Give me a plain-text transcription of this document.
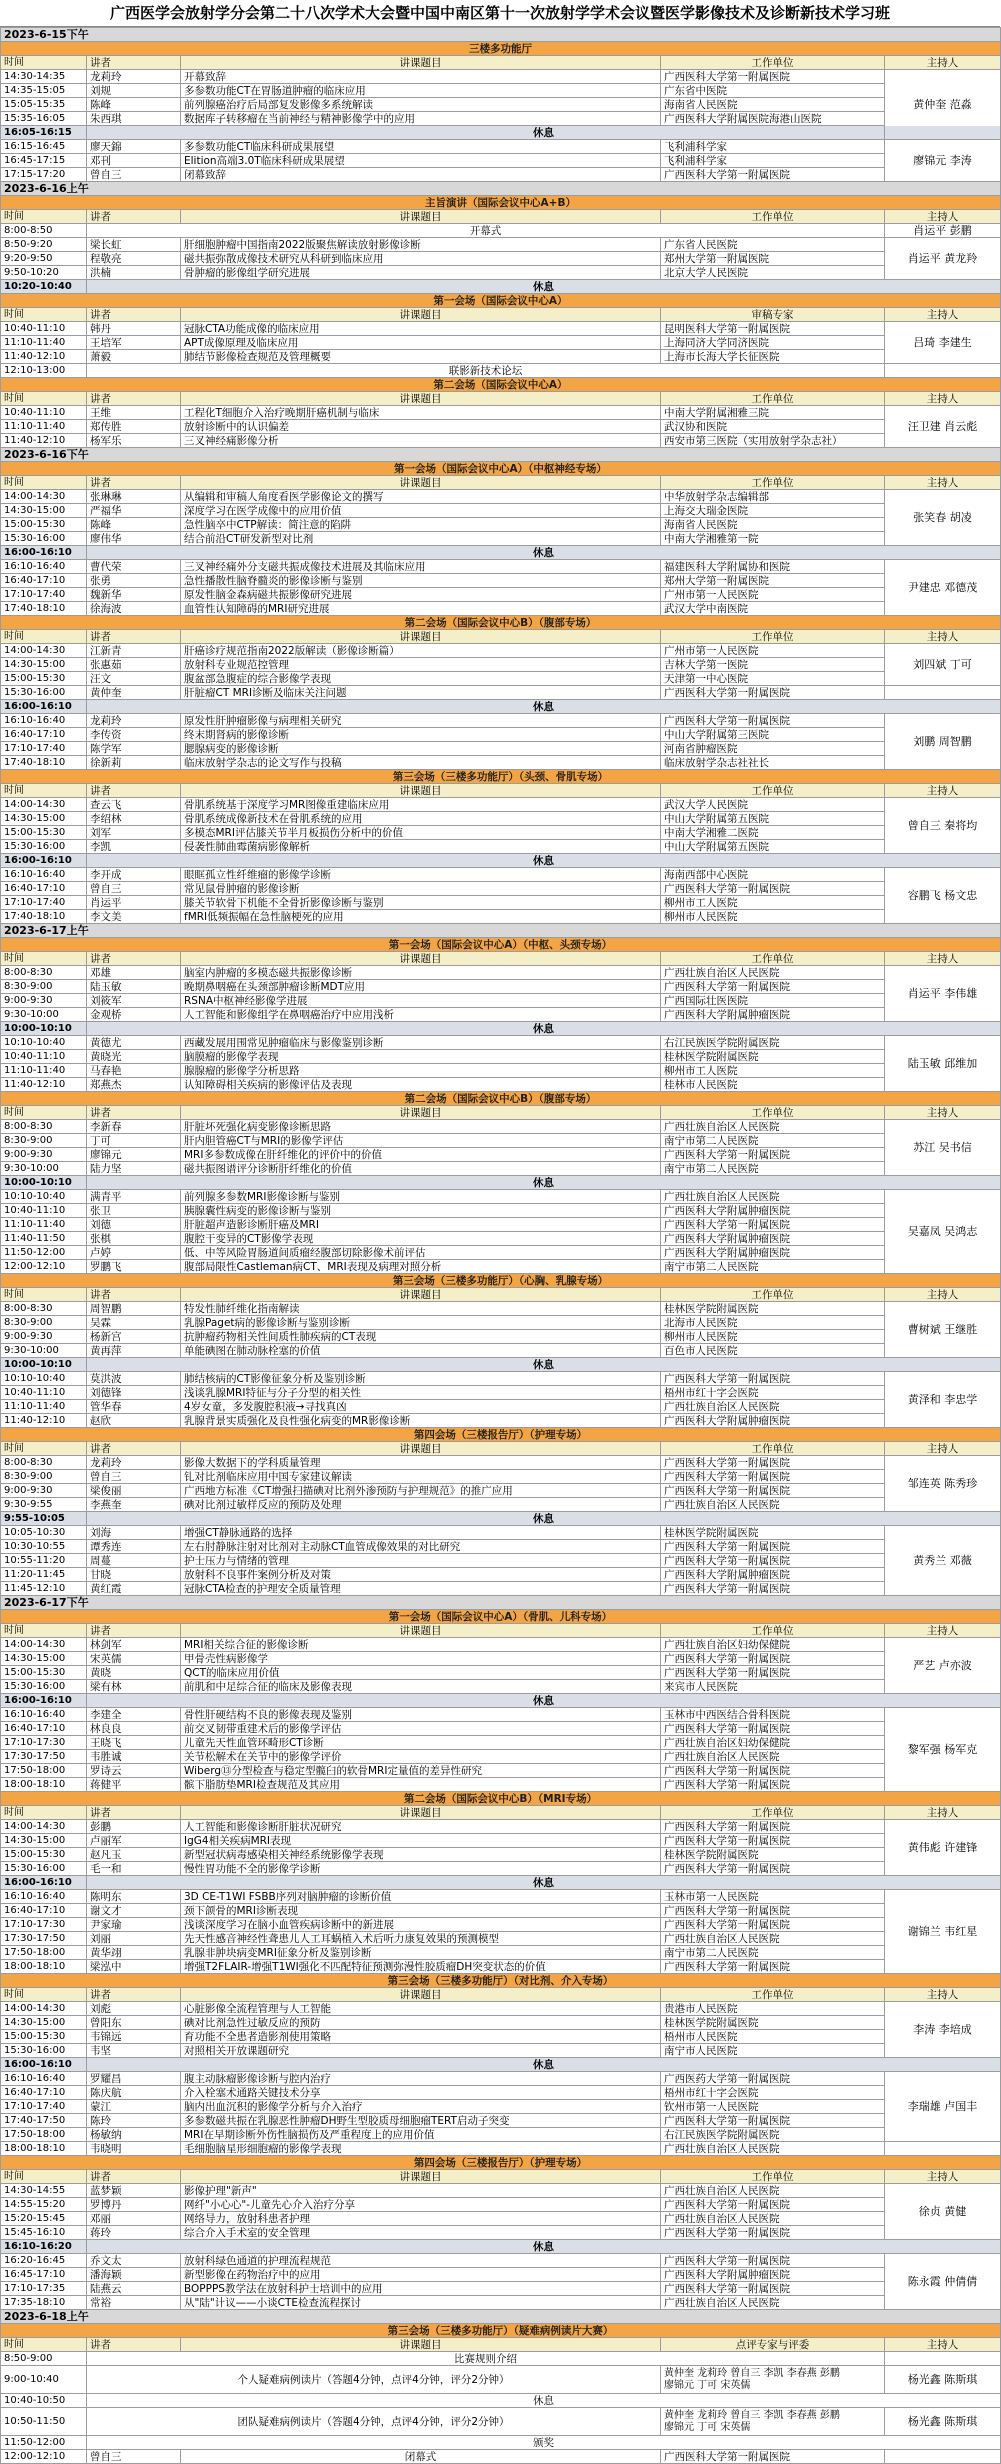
广西医学会放射学分会第二十八次学术大会暨中国中南区第十一次放射学学术会议暨医学影像技术及诊断新技术学习班
2023-6-15下午				
三楼多功能厅				
时间	讲者	讲课题目	工作单位	主持人
14:30-14:35	龙莉玲	开幕致辞	广西医科大学第一附属医院	黄仲奎 范淼
14:35-15:05	刘规	多参数功能CT在胃肠道肿瘤的临床应用	广东省中医院	
15:05-15:35	陈峰	前列腺癌治疗后局部复发影像多系统解读	海南省人民医院	
15:35-16:05	朱西琪	数据库子转移瘤在当前神经与精神影像学中的应用	广西医科大学附属医院海港山医院	
16:05-16:15	休息			
16:15-16:45	廖天錦	多参数功能CT临床科研成果展望	飞利浦科学家	廖锦元 李涛
16:45-17:15	邓刊	Elition高端3.0T临床科研成果展望	飞利浦科学家	
17:15-17:20	曾自三	闭幕致辞	广西医科大学第一附属医院	
2023-6-16上午				
主旨演讲（国际会议中心A+B）				
时间	讲者	讲课题目	工作单位	主持人
8:00-8:50	开幕式			肖运平 彭鹏
8:50-9:20	梁长虹	肝细胞肿瘤中国指南2022版聚焦解读放射影像诊断	广东省人民医院	肖运平 黄龙羚
9:20-9:50	程敬亮	磁共振弥散成像技术研究从科研到临床应用	郑州大学第一附属医院	
9:50-10:20	洪楠	骨肿瘤的影像组学研究进展	北京大学人民医院	
10:20-10:40	休息			
第一会场（国际会议中心A）				
时间	讲者	讲课题目	审稿专家	主持人
10:40-11:10	韩丹	冠脉CTA功能成像的临床应用	昆明医科大学第一附属医院	吕琦 李建生
11:10-11:40	王培军	APT成像原理及临床应用	上海同济大学同济医院	
11:40-12:10	萧毅	肺结节影像检查规范及管理概要	上海市长海大学长征医院	
12:10-13:00	联影新技术论坛			
第二会场（国际会议中心A）				
时间	讲者	讲课题目	工作单位	主持人
10:40-11:10	王维	工程化T细胞介入治疗晚期肝癌机制与临床	中南大学附属湘雅三院	汪卫建 肖云彪
11:10-11:40	郑传胜	放射诊断中的认识偏差	武汉协和医院	
11:40-12:10	杨军乐	三叉神经痛影像分析	西安市第三医院（实用放射学杂志社）	
2023-6-16下午				
第一会场（国际会议中心A）（中枢神经专场）				
时间	讲者	讲课题目	工作单位	主持人
14:00-14:30	张琳琳	从编辑和审稿人角度看医学影像论文的撰写	中华放射学杂志编辑部	张笑春 胡凌
14:30-15:00	严福华	深度学习在医学成像中的应用价值	上海交大瑞金医院	
15:00-15:30	陈峰	急性脑卒中CTP解读：简注意的陷阱	海南省人民医院	
15:30-16:00	廖伟华	结合前沿CT研发新型对比剂	中南大学湘雅第一院	
16:00-16:10	休息			
16:10-16:40	曹代荣	三叉神经痛外分支磁共振成像技术进展及其临床应用	福建医科大学附属协和医院	尹建忠 邓德茂
16:40-17:10	张勇	急性播散性脑脊髓炎的影像诊断与鉴别	郑州大学第一附属医院	
17:10-17:40	魏新华	原发性脑金森病磁共振影像研究进展	广州市第一人民医院	
17:40-18:10	徐海波	血管性认知障碍的MRI研究进展	武汉大学中南医院	
第二会场（国际会议中心B）（腹部专场）				
时间	讲者	讲课题目	工作单位	主持人
14:00-14:30	江新青	肝癌诊疗规范指南2022版解读（影像诊断篇）	广州市第一人民医院	刘四斌 丁可
14:30-15:00	张惠茹	放射科专业规范控管理	吉林大学第一医院	
15:00-15:30	汪文	腹盆部急腹症的综合影像学表现	天津第一中心医院	
15:30-16:00	黄仲奎	肝脏瘤CT MRI诊断及临床关注问题	广西医科大学第一附属医院	
16:00-16:10	休息			
16:10-16:40	龙莉玲	原发性肝肿瘤影像与病理相关研究	广西医科大学第一附属医院	刘鹏 周智鹏
16:40-17:10	李传资	终末期肾病的影像诊断	中山大学附属第三医院	
17:10-17:40	陈学军	腮腺病变的影像诊断	河南省肿瘤医院	
17:40-18:10	徐新莉	临床放射学杂志的论文写作与投稿	临床放射学杂志社社长	
第三会场（三楼多功能厅）（头颈、骨肌专场）				
时间	讲者	讲课题目	工作单位	主持人
14:00-14:30	查云飞	骨肌系统基于深度学习MR图像重建临床应用	武汉大学人民医院	曾自三 秦将均
14:30-15:00	李绍林	骨肌系统成像新技术在骨肌系统的应用	中山大学附属第五医院	
15:00-15:30	刘军	多模态MRI评估膝关节半月板损伤分析中的价值	中南大学湘雅二医院	
15:30-16:00	李凯	侵袭性肺曲霉菌病影像解析	中山大学附属第五医院	
16:00-16:10	休息			
16:10-16:40	李开成	眼眶孤立性纤维瘤的影像学诊断	海南西部中心医院	容鹏飞 杨文忠
16:40-17:10	曾自三	常见鼠骨肿瘤的影像诊断	广西医科大学第一附属医院	
17:10-17:40	肖运平	膝关节软骨下机能不全骨折影像诊断与鉴别	柳州市工人医院	
17:40-18:10	李文美	fMRI低频振幅在急性脑梗死的应用	柳州市人民医院	
2023-6-17上午				
第一会场（国际会议中心A）（中枢、头颈专场）				
时间	讲者	讲课题目	工作单位	主持人
8:00-8:30	邓雄	脑室内肿瘤的多模态磁共振影像诊断	广西壮族自治区人民医院	肖运平 李伟雄
8:30-9:00	陆玉敏	晚期鼻咽癌在头颈部肿瘤诊断MDT应用	广西医科大学第一附属医院	
9:00-9:30	刘筱军	RSNA中枢神经影像学进展	广西国际壮医医院	
9:30-10:00	金观桥	人工智能和影像组学在鼻咽癌治疗中应用浅析	广西医科大学附属肿瘤医院	
10:00-10:10	休息			
10:10-10:40	黄德尤	西藏发展用围常见肿瘤临床与影像鉴别诊断	右江民族医学院附属医院	陆玉敏 邱维加
10:40-11:10	黄晓光	脑膜瘤的影像学表现	桂林医学院附属医院	
11:10-11:40	马春艳	腺腺瘤的影像学分析思路	柳州市工人医院	
11:40-12:10	郑燕杰	认知障碍相关疾病的影像评估及表现	桂林市人民医院	
第二会场（国际会议中心B）（腹部专场）				
时间	讲者	讲课题目	工作单位	主持人
8:00-8:30	李新春	肝脏坏死强化病变影像诊断思路	广西壮族自治区人民医院	苏江 吴书信
8:30-9:00	丁可	肝内胆管癌CT与MRI的影像学评估	南宁市第二人民医院	
9:00-9:30	廖锦元	MRI多参数成像在肝纤维化的评价中的价值	广西医科大学第一附属医院	
9:30-10:00	陆力坚	磁共振图谱评分诊断肝纤维化的价值	南宁市第二人民医院	
10:00-10:10	休息			
10:10-10:40	满青平	前列腺多参数MRI影像诊断与鉴别	广西壮族自治区人民医院	吴嘉凤 吴鸿志
10:40-11:10	张卫	胰腺囊性病变的影像诊断与鉴别	广西医科大学附属肿瘤医院	
11:10-11:40	刘德	肝脏超声造影诊断肝癌及MRI	广西医科大学第一附属医院	
11:40-11:50	张棋	腹腔干变异的CT影像学表现	广西医科大学附属肿瘤医院	
11:50-12:00	卢婷	低、中等风险胃肠道间质瘤经腹部切除影像术前评估	广西医科大学附属肿瘤医院	
12:00-12:10	罗鹏飞	腹部局限性Castleman病CT、MRI表现及病理对照分析	南宁市第二人民医院	
第三会场（三楼多功能厅）（心胸、乳腺专场）				
时间	讲者	讲课题目	工作单位	主持人
8:00-8:30	周智鹏	特发性肺纤维化指南解读	桂林医学院附属医院	曹树斌 王继胜
8:30-9:00	吴霖	乳腺Paget病的影像诊断与鉴别诊断	北海市人民医院	
9:00-9:30	杨新宫	抗肿瘤药物相关性间质性肺疾病的CT表现	柳州市人民医院	
9:30-10:00	黄再萍	单能碘图在肺动脉栓塞的价值	百色市人民医院	
10:00-10:10	休息			
10:10-10:40	莫洪波	肺结核病的CT影像征象分析及鉴别诊断	广西医科大学第一附属医院	黄泽和 李忠学
10:40-11:10	刘德锋	浅谈乳腺MRI特征与分子分型的相关性	梧州市红十字会医院	
11:10-11:40	管华春	4岁女童，多发腹腔积液→寻找真凶	广西壮族自治区人民医院	
11:40-12:10	赵欣	乳腺背景实质强化及良性强化病变的MR影像诊断	广西医科大学附属肿瘤医院	
第四会场（三楼报告厅）（护理专场）				
时间	讲者	讲课题目	工作单位	主持人
8:00-8:30	龙莉玲	影像大数据下的学科质量管理	广西医科大学第一附属医院	邹连英 陈秀珍
8:30-9:00	曾自三	钆对比剂临床应用中国专家建议解读	广西医科大学第一附属医院	
9:00-9:30	梁俊丽	广西地方标准《CT增强扫描碘对比剂外渗预防与护理规范》的推广应用	广西医科大学第一附属医院	
9:30-9:55	李燕奎	碘对比剂过敏样反应的预防及处理	广西壮族自治区人民医院	
9:55-10:05	休息			
10:05-10:30	刘海	增强CT静脉通路的选择	桂林医学院附属医院	黄秀兰 邓薇
10:30-10:55	谭秀连	左右肘静脉注射对比剂对主动脉CT血管成像效果的对比研究	广西医科大学第一附属医院	
10:55-11:20	周蔓	护士压力与情绪的管理	广西医科大学第一附属医院	
11:20-11:45	甘晓	放射科不良事件案例分析及对策	广西医科大学附属肿瘤医院	
11:45-12:10	黄红霞	冠脉CTA检查的护理安全质量管理	广西医科大学第一附属医院	
2023-6-17下午				
第一会场（国际会议中心A）（骨肌、儿科专场）				
时间	讲者	讲课题目	工作单位	主持人
14:00-14:30	林剑军	MRI相关综合征的影像诊断	广西壮族自治区妇幼保健院	严艺 卢亦波
14:30-15:00	宋英儒	甲骨壳性病影像学	广西医科大学第一附属医院	
15:00-15:30	黄晓	QCT的临床应用价值	广西医科大学第一附属医院	
15:30-16:00	梁有林	前肌和中足综合征的临床及影像表现	来宾市人民医院	
16:00-16:10	休息			
16:10-16:40	李建全	骨性肝硬结构不良的影像表现及鉴别	玉林市中西医结合骨科医院	黎军强 杨军克
16:40-17:10	林良良	前交叉韧带重建术后的影像学评估	广西医科大学第一附属医院	
17:10-17:30	王晓飞	儿童先天性血管环畸形CT诊断	广西壮族自治区妇幼保健院	
17:30-17:50	韦胜诚	关节松解术在关节中的影像学评价	广西壮族自治区人民医院	
17:50-18:00	罗诗云	Wiberg⑬分型检查与稳定型髋臼的软骨MRI定量值的差异性研究	广西医科大学第一附属医院	
18:00-18:10	蒋健平	髌下脂肪垫MRI检查规范及其应用	广西医科大学第一附属医院	
第二会场（国际会议中心B）（MRI专场）				
时间	讲者	讲课题目	工作单位	主持人
14:00-14:30	彭鹏	人工智能和影像诊断肝脏状况研究	广西医科大学第一附属医院	黄伟彪 许建锋
14:30-15:00	卢丽军	IgG4相关疾病MRI表现	广西医科大学第一附属医院	
15:00-15:30	赵凡玉	新型冠状病毒感染相关神经系统影像学表现	桂林医学院附属医院	
15:30-16:00	毛一和	慢性胃功能不全的影像学诊断	广西医科大学第一附属医院	
16:00-16:10	休息			
16:10-16:40	陈明东	3D CE-T1WI FSBB序列对脑肿瘤的诊断价值	玉林市第一人民医院	谢锦兰 韦红星
16:40-17:10	谢文才	颈下颌骨的MRI诊断表现	广西医科大学第一附属医院	
17:10-17:30	尹家瑜	浅谈深度学习在脑小血管疾病诊断中的新进展	广西医科大学第一附属医院	
17:30-17:50	刘丽	先天性感音神经性聋患儿人工耳蜗植入术后听力康复效果的预测模型	广西壮族自治区人民医院	
17:50-18:00	黄华翊	乳腺非肿块病变MRI征象分析及鉴别诊断	南宁市第二人民医院	
18:00-18:10	梁泓中	增强T2FLAIR-增强T1WI强化不匹配特征预测弥漫性胶质瘤DH突变状态的价值	广西医科大学第一附属医院	
第三会场（三楼多功能厅）（对比剂、介入专场）				
时间	讲者	讲课题目	工作单位	主持人
14:00-14:30	刘彪	心脏影像全流程管理与人工智能	贵港市人民医院	李涛 李培成
14:30-15:00	曾阳东	碘对比剂急性过敏反应的预防	桂林医学院附属医院	
15:00-15:30	韦锦远	育功能不全患者造影剂使用策略	梧州市人民医院	
15:30-16:00	韦坚	对照相关开放课题研究	南宁市人民医院	
16:00-16:10	休息			
16:10-16:40	罗耀昌	腹主动脉瘤影像诊断与腔内治疗	广西医药大学第一附属医院	李瑞雄 卢国丰
16:40-17:10	陈庆航	介入栓塞术通路关键技术分享	梧州市红十字会医院	
17:10-17:40	蒙江	脑内出血沉积的影像学分析与介入治疗	钦州市第一人民医院	
17:40-17:50	陈玲	多参数磁共振在乳腺恶性肿瘤DH野生型胶质母细胞瘤TERT启动子突变	广西医科大学第一附属医院	
17:50-18:00	杨敏纳	MRI在早期诊断外伤性脑损伤及严重程度上的应用价值	右江民族医学院附属医院	
18:00-18:10	韦晓明	毛细胞脑星形细胞瘤的影像学表现	广西壮族自治区人民医院	
第四会场（三楼报告厅）（护理专场）				
时间	讲者	讲课题目	工作单位	主持人
14:30-14:55	蓝梦颖	影像护理"新声"	广西壮族自治区人民医院	徐贞 黄健
14:55-15:20	罗博丹	网纤"小心心"-儿童先心介入治疗分享	广西医科大学第一附属医院	
15:20-15:45	邓丽	网络导力，放射科患者护理	广西壮族自治区人民医院	
15:45-16:10	蒋玲	综合介入手术室的安全管理	广西医科大学第一附属医院	
16:10-16:20	休息			
16:20-16:45	乔文太	放射科绿色通道的护理流程规范	广西医科大学第一附属医院	陈永霞 仲倩倩
16:45-17:10	潘海颖	新型影像在药物治疗中的应用	广西医科大学附属肿瘤医院	
17:10-17:35	陆燕云	BOPPPS教学法在放射科护士培训中的应用	广西医科大学第一附属医院	
17:35-18:10	常裕	从"陆"计议——小谈CTE检查流程探讨	广西壮族自治区人民医院	
2023-6-18上午				
第三会场（三楼多功能厅）（疑难病例读片大赛）				
时间	讲者	讲课题目	点评专家与评委	主持人
8:50-9:00	比赛规则介绍			
9:00-10:40	个人疑难病例读片（答题4分钟，点评4分钟，评分2分钟）		黄仲奎 龙莉玲 曾自三 李凯 李春燕 彭鹏
廖锦元 丁可 宋英儒	杨光鑫 陈斯琪
10:40-10:50	休息			
10:50-11:50	团队疑难病例读片（答题4分钟，点评4分钟，评分2分钟）		黄仲奎 龙莉玲 曾自三 李凯 李春燕 彭鹏
廖锦元 丁可 宋英儒	杨光鑫 陈斯琪
11:50-12:00	颁奖			
12:00-12:10	曾自三	闭幕式	广西医科大学第一附属医院	
